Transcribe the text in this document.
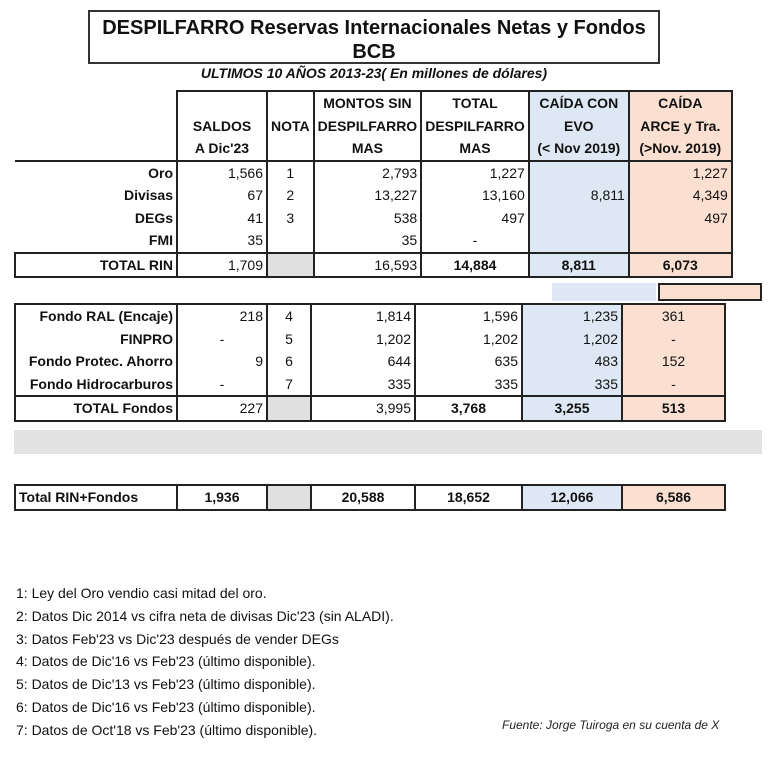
DESPILFARRO Reservas Internacionales Netas y Fondos BCB
ULTIMOS 10 AÑOS 2013-23( En millones de dólares)
			MONTOS SIN	TOTAL	CAÍDA CON	CAÍDA
	SALDOS	NOTA	DESPILFARRO	DESPILFARRO	EVO	ARCE y Tra.
	A Dic'23		MAS	MAS	(< Nov 2019)	(>Nov. 2019)
Oro	1,566	1	2,793	1,227		1,227
Divisas	67	2	13,227	13,160	8,811	4,349
DEGs	41	3	538	497		497
FMI	35		35	-		
TOTAL RIN	1,709		16,593	14,884	8,811	6,073
Fondo RAL (Encaje)	218	4	1,814	1,596	1,235	361
FINPRO	-	5	1,202	1,202	1,202	-
Fondo Protec. Ahorro	9	6	644	635	483	152
Fondo Hidrocarburos	-	7	335	335	335	-
TOTAL Fondos	227		3,995	3,768	3,255	513
Total RIN+Fondos	1,936		20,588	18,652	12,066	6,586
1: Ley del Oro vendio casi mitad del oro.
2: Datos Dic 2014 vs cifra neta de divisas Dic'23 (sin ALADI).
3: Datos Feb'23 vs Dic'23 después de vender DEGs
4: Datos de Dic'16 vs Feb'23 (último disponible).
5: Datos de Dic'13 vs Feb'23 (último disponible).
6: Datos de Dic'16 vs Feb'23 (último disponible).
7: Datos de Oct'18 vs Feb'23 (último disponible).	Fuente: Jorge Tuiroga en su cuenta de X
